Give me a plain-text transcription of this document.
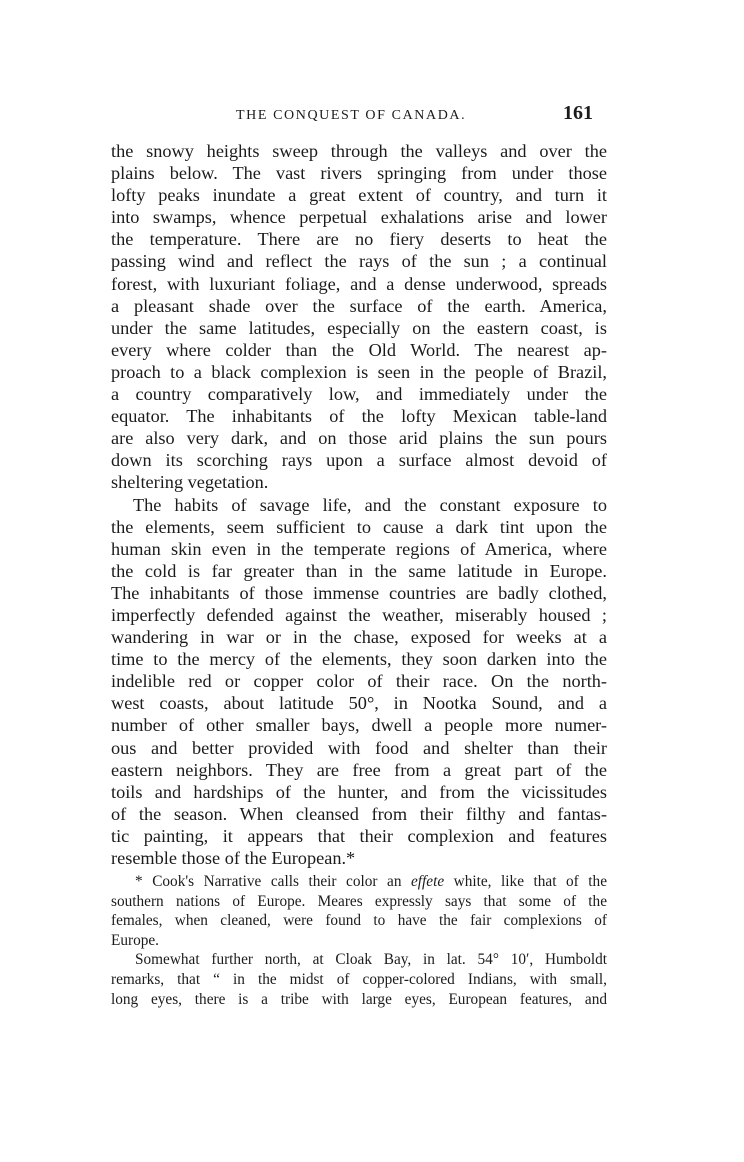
THE CONQUEST OF CANADA.	161
the snowy heights sweep through the valleys and over the
plains below. The vast rivers springing from under those
lofty peaks inundate a great extent of country, and turn it
into swamps, whence perpetual exhalations arise and lower
the temperature. There are no fiery deserts to heat the
passing wind and reflect the rays of the sun ; a continual
forest, with luxuriant foliage, and a dense underwood, spreads
a pleasant shade over the surface of the earth. America,
under the same latitudes, especially on the eastern coast, is
every where colder than the Old World. The nearest ap-
proach to a black complexion is seen in the people of Brazil,
a country comparatively low, and immediately under the
equator. The inhabitants of the lofty Mexican table-land
are also very dark, and on those arid plains the sun pours
down its scorching rays upon a surface almost devoid of
sheltering vegetation.
The habits of savage life, and the constant exposure to
the elements, seem sufficient to cause a dark tint upon the
human skin even in the temperate regions of America, where
the cold is far greater than in the same latitude in Europe.
The inhabitants of those immense countries are badly clothed,
imperfectly defended against the weather, miserably housed ;
wandering in war or in the chase, exposed for weeks at a
time to the mercy of the elements, they soon darken into the
indelible red or copper color of their race. On the north-
west coasts, about latitude 50°, in Nootka Sound, and a
number of other smaller bays, dwell a people more numer-
ous and better provided with food and shelter than their
eastern neighbors. They are free from a great part of the
toils and hardships of the hunter, and from the vicissitudes
of the season. When cleansed from their filthy and fantas-
tic painting, it appears that their complexion and features
resemble those of the European.*
* Cook's Narrative calls their color an effete white, like that of the
southern nations of Europe. Meares expressly says that some of the
females, when cleaned, were found to have the fair complexions of
Europe.
Somewhat further north, at Cloak Bay, in lat. 54° 10′, Humboldt
remarks, that “ in the midst of copper-colored Indians, with small,
long eyes, there is a tribe with large eyes, European features, and
